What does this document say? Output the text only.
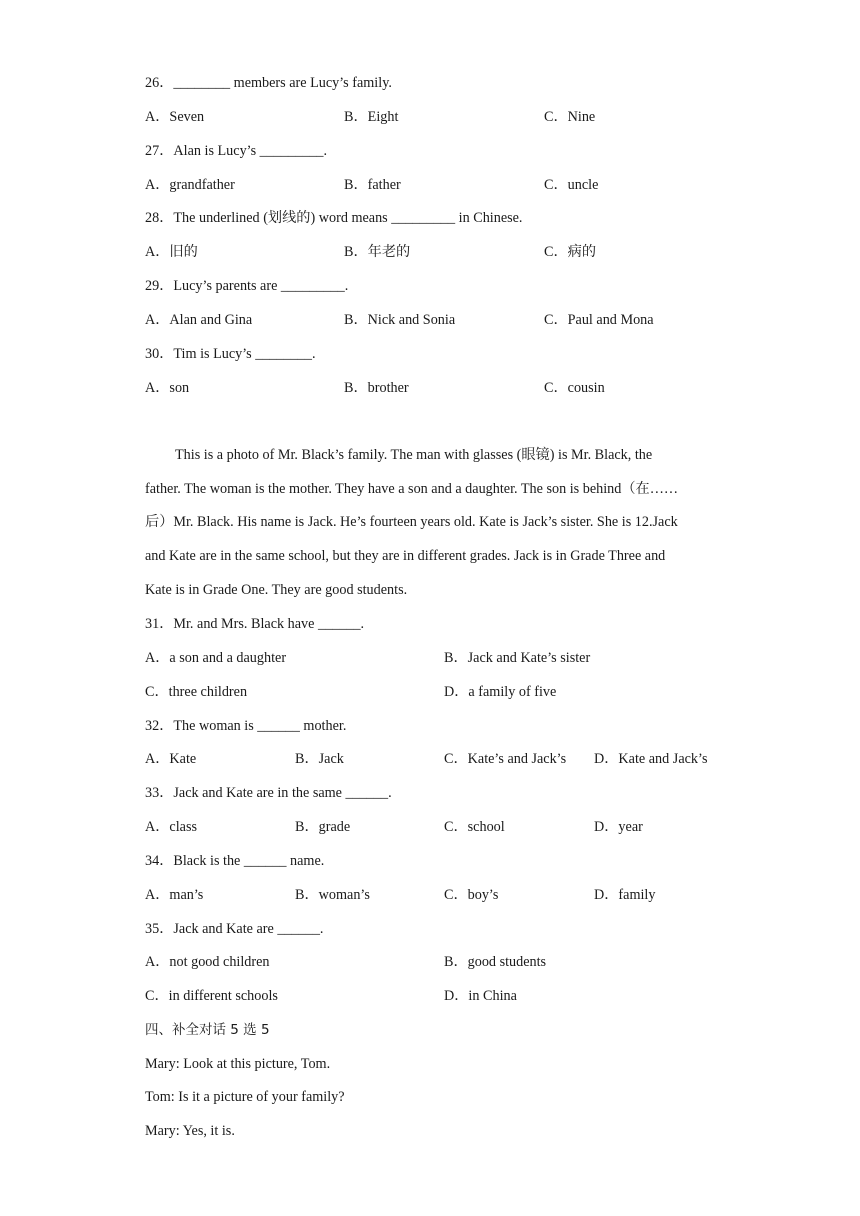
26．________ members are Lucy’s family.
A．Seven	B．Eight	C．Nine
27．Alan is Lucy’s _________.
A．grandfather	B．father	C．uncle
28．The underlined (划线的) word means _________ in Chinese.
A．旧的	B．年老的	C．病的
29．Lucy’s parents are _________.
A．Alan and Gina	B．Nick and Sonia	C．Paul and Mona
30．Tim is Lucy’s ________.
A．son	B．brother	C．cousin
This is a photo of Mr. Black’s family. The man with glasses (眼镜) is Mr. Black, the
father. The woman is the mother. They have a son and a daughter. The son is behind（在……
后）Mr. Black. His name is Jack. He’s fourteen years old. Kate is Jack’s sister. She is 12.Jack
and Kate are in the same school, but they are in different grades. Jack is in Grade Three and
Kate is in Grade One. They are good students.
31．Mr. and Mrs. Black have ______.
A．a son and a daughter	B．Jack and Kate’s sister
C．three children	D．a family of five
32．The woman is ______ mother.
A．Kate	B．Jack	C．Kate’s and Jack’s D．Kate and Jack’s
33．Jack and Kate are in the same ______.
A．class	B．grade	C．school	D．year
34．Black is the ______ name.
A．man’s	B．woman’s	C．boy’s	D．family
35．Jack and Kate are ______.
A．not good children	B．good students
C．in different schools	D．in China
四、补全对话 5 选 5
Mary: Look at this picture, Tom.
Tom: Is it a picture of your family?
Mary: Yes, it is.
